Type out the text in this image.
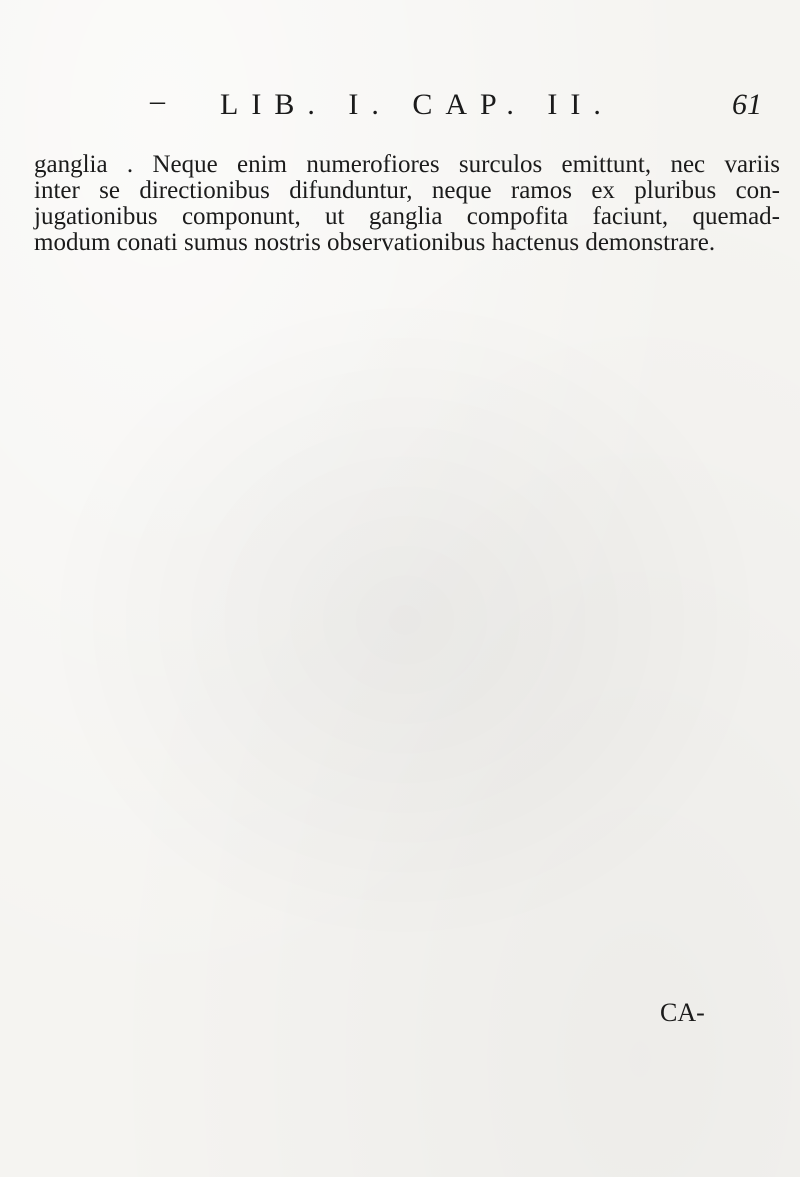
– LIB. I. CAP. II.	61
ganglia . Neque enim numerofiores surculos emittunt, nec variis
inter se directionibus difunduntur, neque ramos ex pluribus con-
jugationibus componunt, ut ganglia compofita faciunt, quemad-
modum conati sumus nostris observationibus hactenus demonstrare.
CA-
